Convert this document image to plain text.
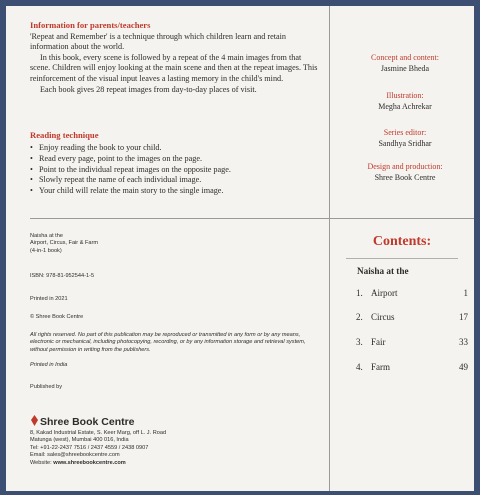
Information for parents/teachers

'Repeat and Remember' is a technique through which children learn and retain information about the world.

In this book, every scene is followed by a repeat of the 4 main images from that scene. Children will enjoy looking at the main scene and then at the repeat images. This reinforcement of the visual input leaves a lasting memory in the child's mind.

Each book gives 28 repeat images from day-to-day places of visit.

Reading technique
• Enjoy reading the book to your child.
• Read every page, point to the images on the page.
• Point to the individual repeat images on the opposite page.
• Slowly repeat the name of each individual image.
• Your child will relate the main story to the single image.
Concept and content:
Jasmine Bheda
Illustration:
Megha Achrekar
Series editor:
Sandhya Sridhar
Design and production:
Shree Book Centre
Naisha at the
Airport, Circus, Fair & Farm
(4-in-1 book)
ISBN: 978-81-952544-1-5
Printed in 2021
© Shree Book Centre
All rights reserved. No part of this publication may be reproduced or transmitted in any form or by any means, electronic or mechanical, including photocopying, recording, or by any information storage and retrieval system, without permission in writing from the publishers.
Printed in India
Published by
Shree Book Centre
8, Kakad Industrial Estate, S. Keer Marg, off L. J. Road
Matunga (west), Mumbai 400 016, India
Tel: +91-22-2437 7516 / 2437 4559 / 2438 0907
Email: sales@shreebookcentre.com
Website: www.shreebookcentre.com
Contents:
Naisha at the
1. Airport	1
2. Circus	17
3. Fair	33
4. Farm	49
